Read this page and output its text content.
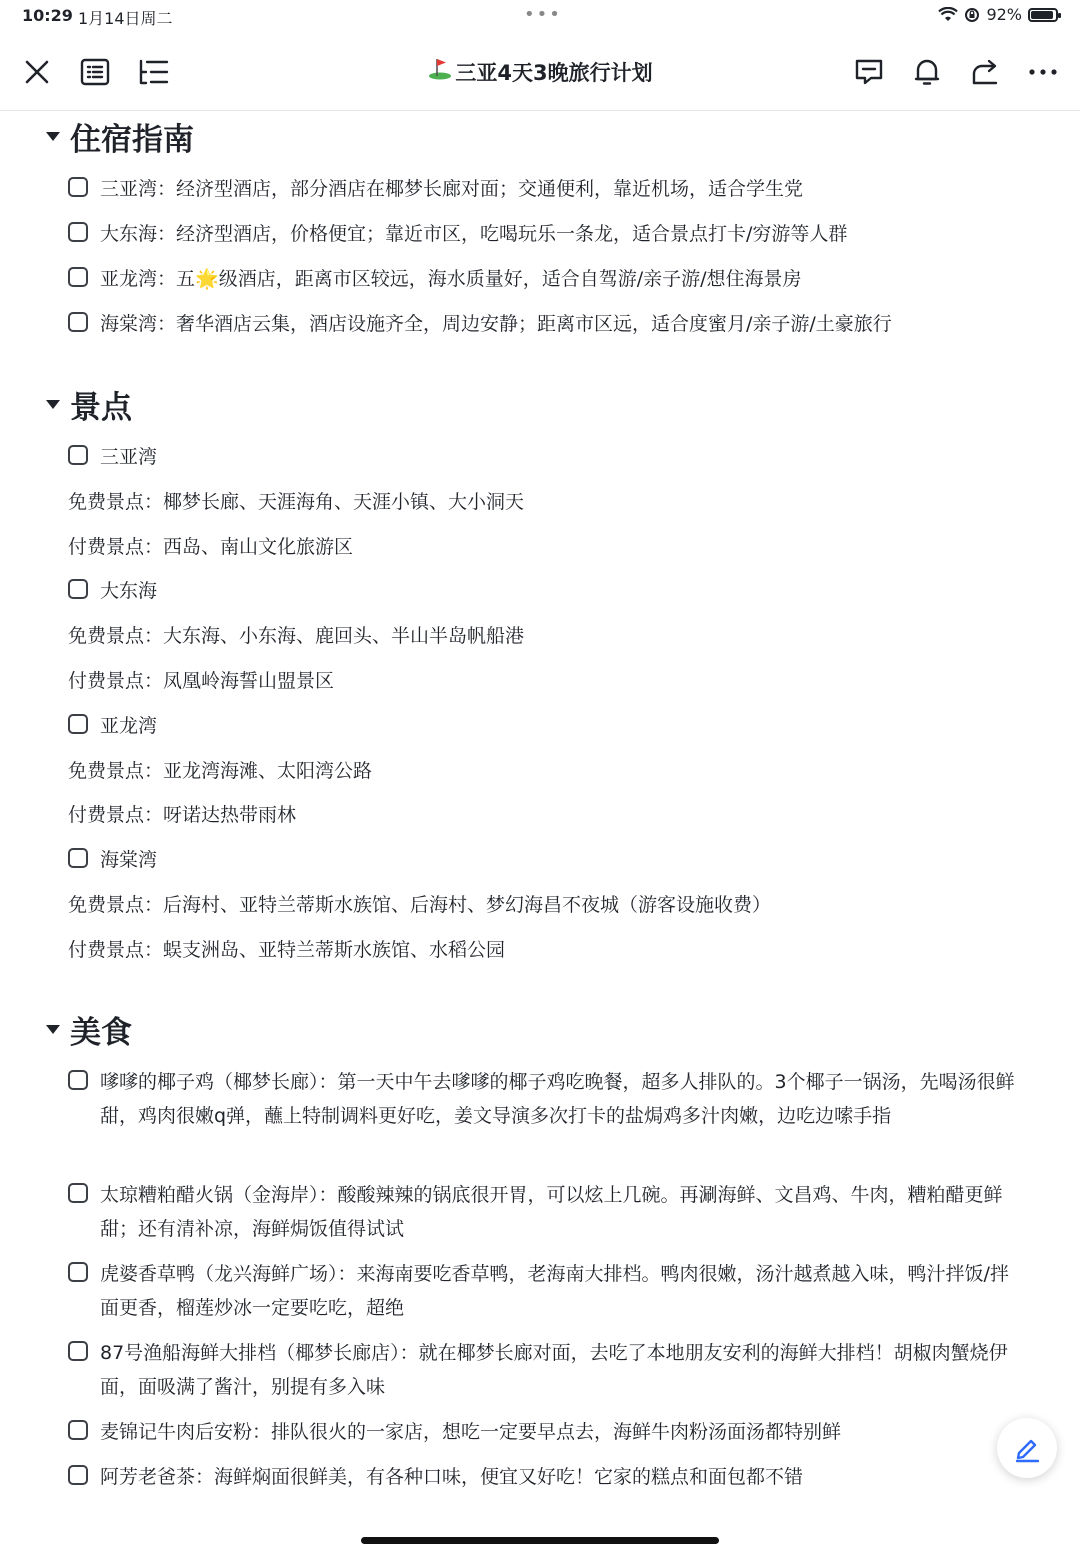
10:29 1月14日周二	•••	92%
三亚4天3晚旅行计划
住宿指南
三亚湾：经济型酒店，部分酒店在椰梦长廊对面；交通便利，靠近机场，适合学生党
大东海：经济型酒店，价格便宜；靠近市区，吃喝玩乐一条龙，适合景点打卡/穷游等人群
亚龙湾：五🌟级酒店，距离市区较远，海水质量好，适合自驾游/亲子游/想住海景房
海棠湾：奢华酒店云集，酒店设施齐全，周边安静；距离市区远，适合度蜜月/亲子游/土豪旅行
景点
三亚湾
免费景点：椰梦长廊、天涯海角、天涯小镇、大小洞天
付费景点：西岛、南山文化旅游区
大东海
免费景点：大东海、小东海、鹿回头、半山半岛帆船港
付费景点：凤凰岭海誓山盟景区
亚龙湾
免费景点：亚龙湾海滩、太阳湾公路
付费景点：呀诺达热带雨林
海棠湾
免费景点：后海村、亚特兰蒂斯水族馆、后海村、梦幻海昌不夜城（游客设施收费）
付费景点：蜈支洲岛、亚特兰蒂斯水族馆、水稻公园
美食
嗲嗲的椰子鸡（椰梦长廊）：第一天中午去嗲嗲的椰子鸡吃晚餐，超多人排队的。3个椰子一锅汤，先喝汤很鲜甜，鸡肉很嫩q弹，蘸上特制调料更好吃，姜文导演多次打卡的盐焗鸡多汁肉嫩，边吃边嗦手指
太琼糟粕醋火锅（金海岸）：酸酸辣辣的锅底很开胃，可以炫上几碗。再涮海鲜、文昌鸡、牛肉，糟粕醋更鲜甜；还有清补凉，海鲜焗饭值得试试
虎婆香草鸭（龙兴海鲜广场）：来海南要吃香草鸭，老海南大排档。鸭肉很嫩，汤汁越煮越入味，鸭汁拌饭/拌面更香，榴莲炒冰一定要吃吃，超绝
87号渔船海鲜大排档（椰梦长廊店）：就在椰梦长廊对面，去吃了本地朋友安利的海鲜大排档！胡椒肉蟹烧伊面，面吸满了酱汁，别提有多入味
麦锦记牛肉后安粉：排队很火的一家店，想吃一定要早点去，海鲜牛肉粉汤面汤都特别鲜
阿芳老爸茶：海鲜焖面很鲜美，有各种口味，便宜又好吃！它家的糕点和面包都不错
